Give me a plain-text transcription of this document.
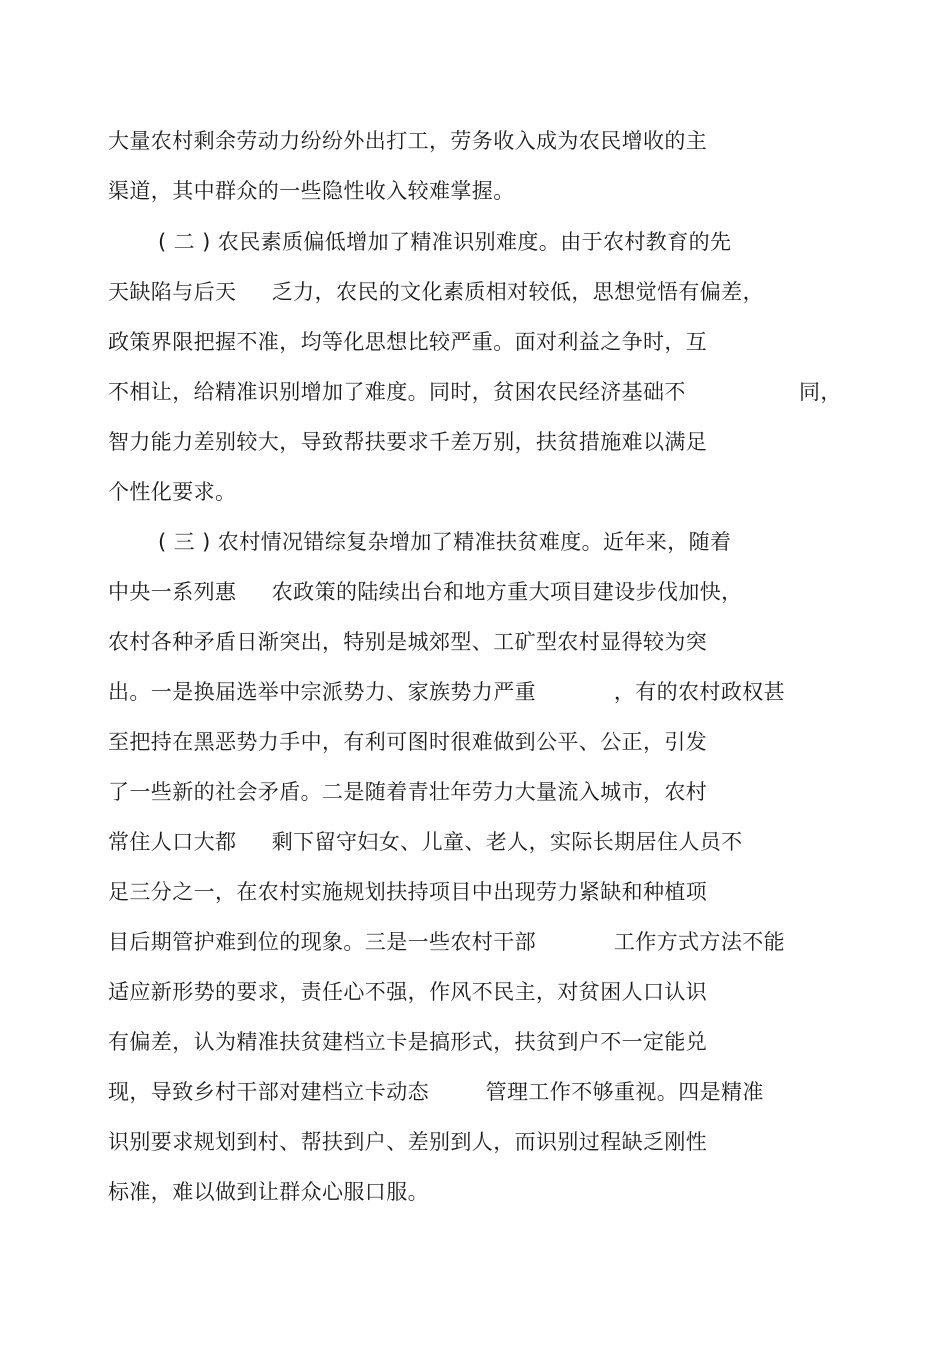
大量农村剩余劳动力纷纷外出打工，劳务收入成为农民增收的主
渠道，其中群众的一些隐性收入较难掌握。
( 二 ) 农民素质偏低增加了精准识别难度。由于农村教育的先
天缺陷与后天     乏力，农民的文化素质相对较低，思想觉悟有偏差，
政策界限把握不准，均等化思想比较严重。面对利益之争时，互
不相让，给精准识别增加了难度。同时，贫困农民经济基础不                同，
智力能力差别较大，导致帮扶要求千差万别，扶贫措施难以满足
个性化要求。
( 三 ) 农村情况错综复杂增加了精准扶贫难度。近年来，随着
中央一系列惠     农政策的陆续出台和地方重大项目建设步伐加快，
农村各种矛盾日渐突出，特别是城郊型、工矿型农村显得较为突
出。一是换届选举中宗派势力、家族势力严重           ，有的农村政权甚
至把持在黑恶势力手中，有利可图时很难做到公平、公正，引发
了一些新的社会矛盾。二是随着青壮年劳力大量流入城市，农村
常住人口大都     剩下留守妇女、儿童、老人，实际长期居住人员不
足三分之一，在农村实施规划扶持项目中出现劳力紧缺和种植项
目后期管护难到位的现象。三是一些农村干部           工作方式方法不能
适应新形势的要求，责任心不强，作风不民主，对贫困人口认识
有偏差，认为精准扶贫建档立卡是搞形式，扶贫到户不一定能兑
现，导致乡村干部对建档立卡动态        管理工作不够重视。四是精准
识别要求规划到村、帮扶到户、差别到人，而识别过程缺乏刚性
标准，难以做到让群众心服口服。
